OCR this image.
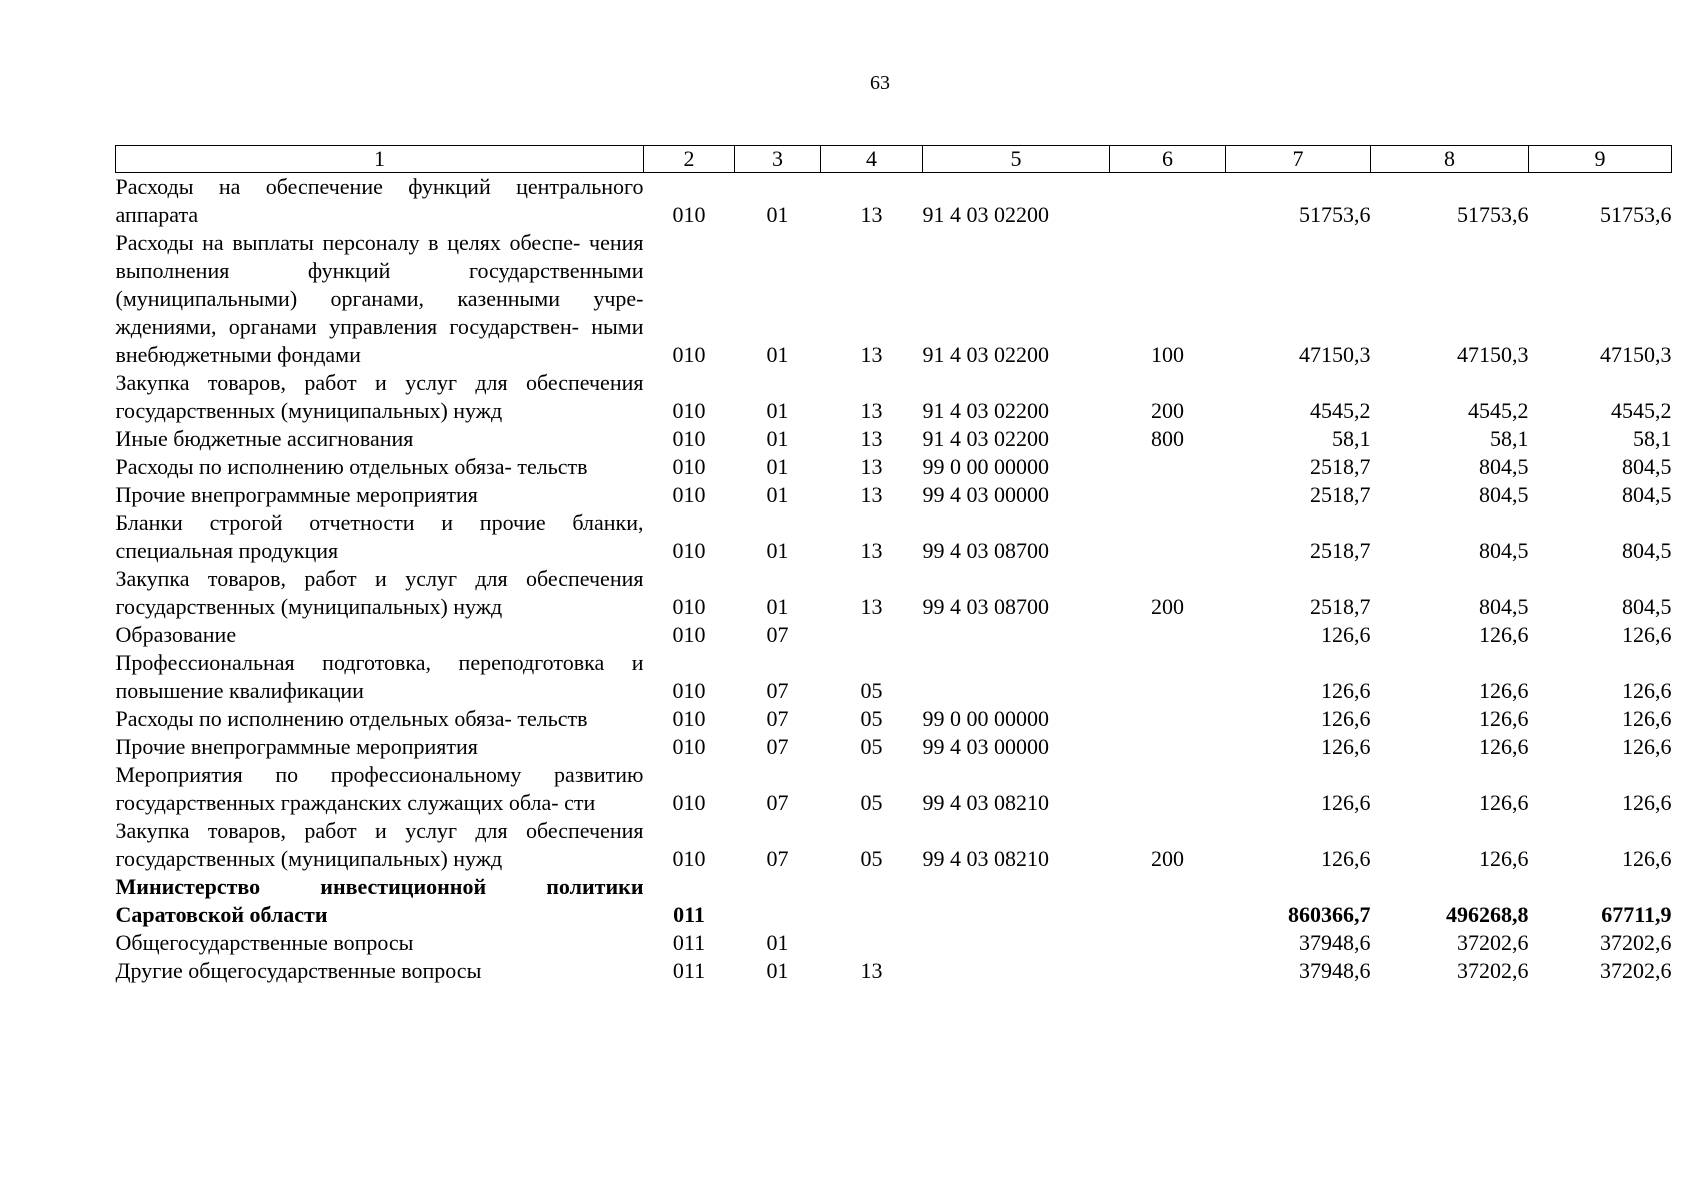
63
1	2	3	4	5	6	7	8	9
Расходы на обеспечение функций центрального аппарата	010	01	13	91 4 03 02200		51753,6	51753,6	51753,6
Расходы на выплаты персоналу в целях обеспе- чения выполнения функций государственными (муниципальными) органами, казенными учре- ждениями, органами управления государствен- ными внебюджетными фондами	010	01	13	91 4 03 02200	100	47150,3	47150,3	47150,3
Закупка товаров, работ и услуг для обеспечения государственных (муниципальных) нужд	010	01	13	91 4 03 02200	200	4545,2	4545,2	4545,2
Иные бюджетные ассигнования	010	01	13	91 4 03 02200	800	58,1	58,1	58,1
Расходы по исполнению отдельных обяза- тельств	010	01	13	99 0 00 00000		2518,7	804,5	804,5
Прочие внепрограммные мероприятия	010	01	13	99 4 03 00000		2518,7	804,5	804,5
Бланки строгой отчетности и прочие бланки, специальная продукция	010	01	13	99 4 03 08700		2518,7	804,5	804,5
Закупка товаров, работ и услуг для обеспечения государственных (муниципальных) нужд	010	01	13	99 4 03 08700	200	2518,7	804,5	804,5
Образование	010	07				126,6	126,6	126,6
Профессиональная подготовка, переподготовка и повышение квалификации	010	07	05			126,6	126,6	126,6
Расходы по исполнению отдельных обяза- тельств	010	07	05	99 0 00 00000		126,6	126,6	126,6
Прочие внепрограммные мероприятия	010	07	05	99 4 03 00000		126,6	126,6	126,6
Мероприятия по профессиональному развитию государственных гражданских служащих обла- сти	010	07	05	99 4 03 08210		126,6	126,6	126,6
Закупка товаров, работ и услуг для обеспечения государственных (муниципальных) нужд	010	07	05	99 4 03 08210	200	126,6	126,6	126,6
Министерство инвестиционной политики Саратовской области	011					860366,7	496268,8	67711,9
Общегосударственные вопросы	011	01				37948,6	37202,6	37202,6
Другие общегосударственные вопросы	011	01	13			37948,6	37202,6	37202,6
